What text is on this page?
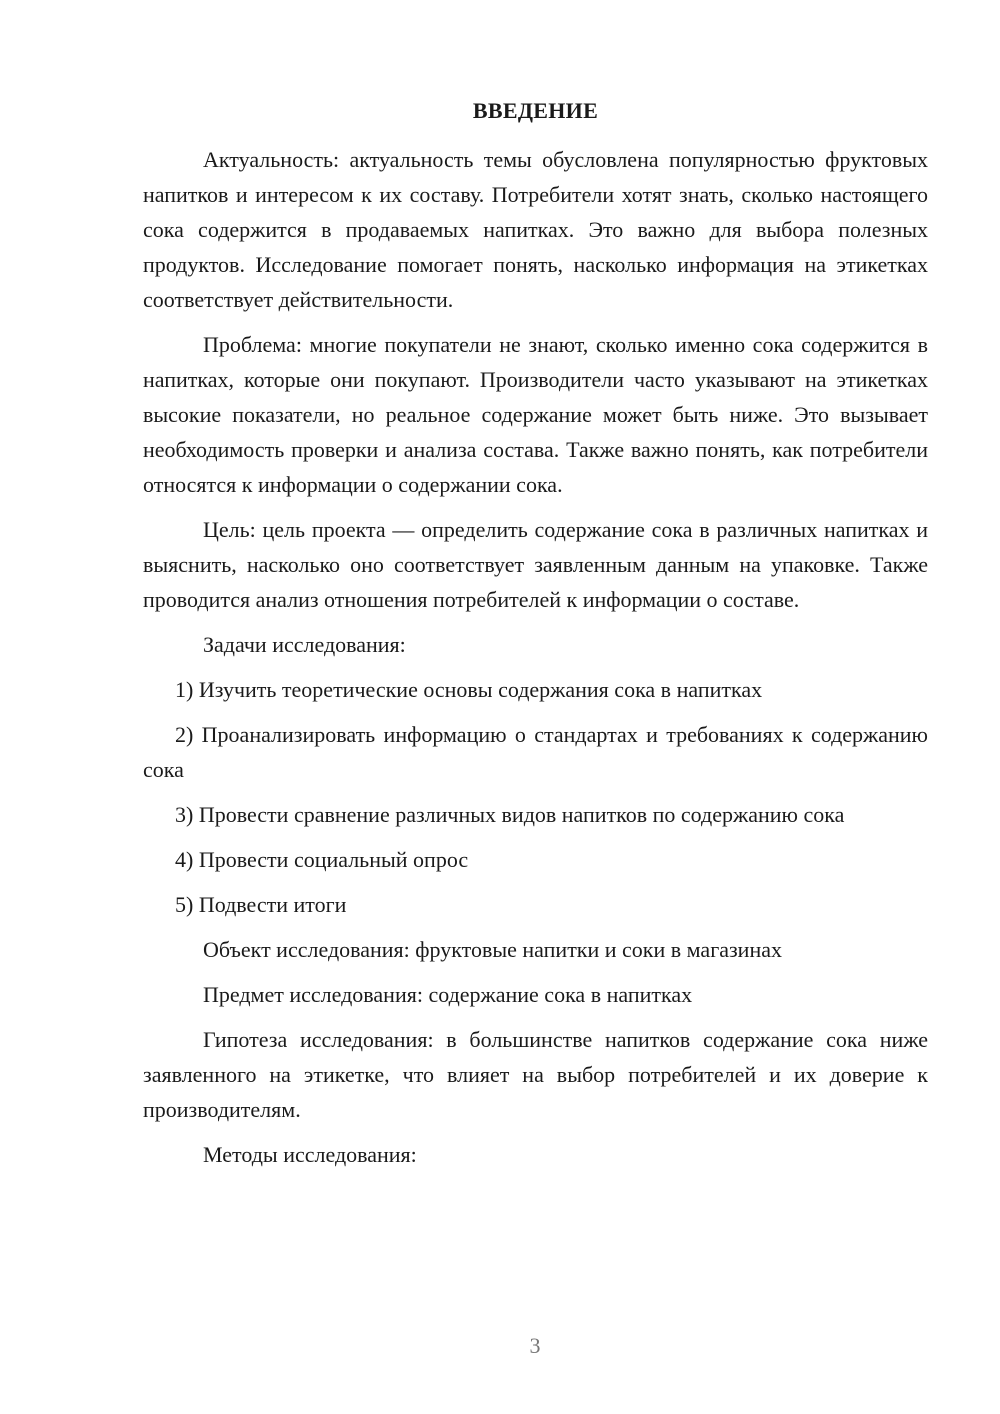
ВВЕДЕНИЕ

Актуальность: актуальность темы обусловлена популярностью фруктовых напитков и интересом к их составу. Потребители хотят знать, сколько настоящего сока содержится в продаваемых напитках. Это важно для выбора полезных продуктов. Исследование помогает понять, насколько информация на этикетках соответствует действительности.

Проблема: многие покупатели не знают, сколько именно сока содержится в напитках, которые они покупают. Производители часто указывают на этикетках высокие показатели, но реальное содержание может быть ниже. Это вызывает необходимость проверки и анализа состава. Также важно понять, как потребители относятся к информации о содержании сока.

Цель: цель проекта — определить содержание сока в различных напитках и выяснить, насколько оно соответствует заявленным данным на упаковке. Также проводится анализ отношения потребителей к информации о составе.

Задачи исследования:

1) Изучить теоретические основы содержания сока в напитках

2) Проанализировать информацию о стандартах и требованиях к содержанию сока

3) Провести сравнение различных видов напитков по содержанию сока

4) Провести социальный опрос

5) Подвести итоги

Объект исследования: фруктовые напитки и соки в магазинах

Предмет исследования: содержание сока в напитках

Гипотеза исследования: в большинстве напитков содержание сока ниже заявленного на этикетке, что влияет на выбор потребителей и их доверие к производителям.

Методы исследования:

3
